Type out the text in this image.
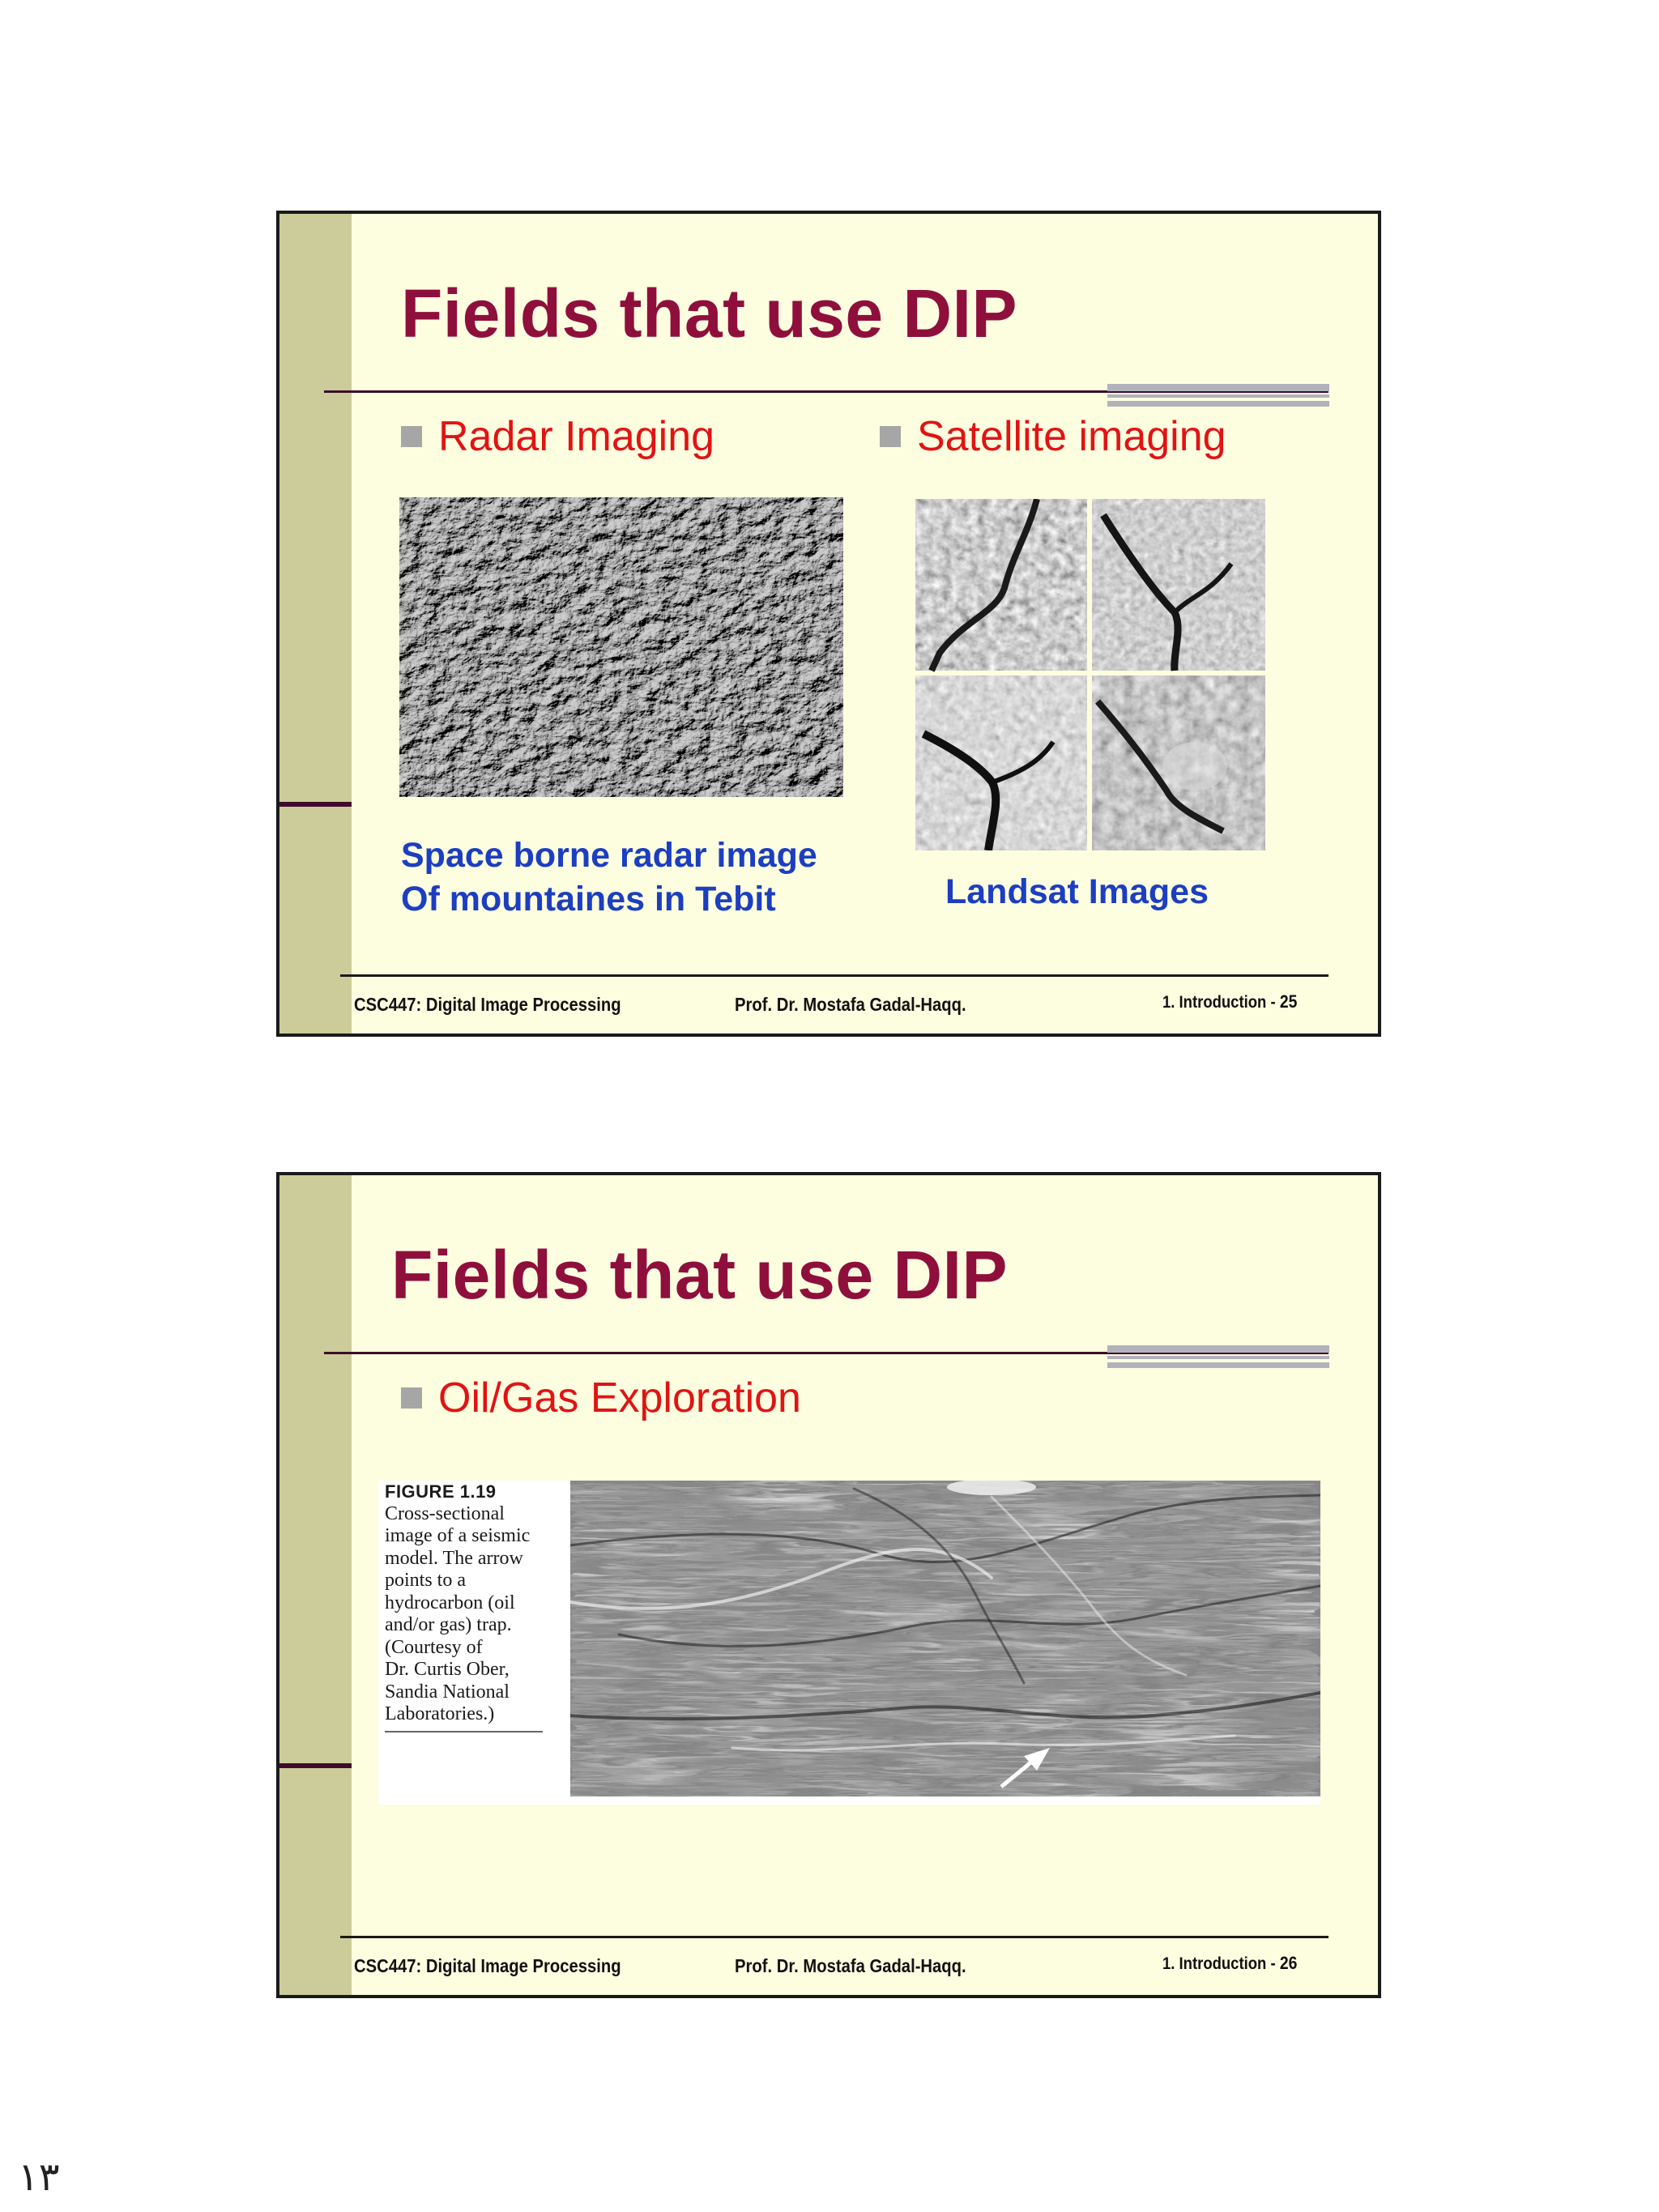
Fields that use DIP
Radar Imaging	Satellite imaging
Space borne radar image
Of mountaines in Tebit	Landsat Images
CSC447: Digital Image Processing	Prof. Dr. Mostafa Gadal-Haqq.	1. Introduction - 25
Fields that use DIP
Oil/Gas Exploration
FIGURE 1.19
Cross-sectional
image of a seismic
model. The arrow
points to a
hydrocarbon (oil
and/or gas) trap.
(Courtesy of
Dr. Curtis Ober,
Sandia National
Laboratories.)
CSC447: Digital Image Processing	Prof. Dr. Mostafa Gadal-Haqq.	1. Introduction - 26
١٣
